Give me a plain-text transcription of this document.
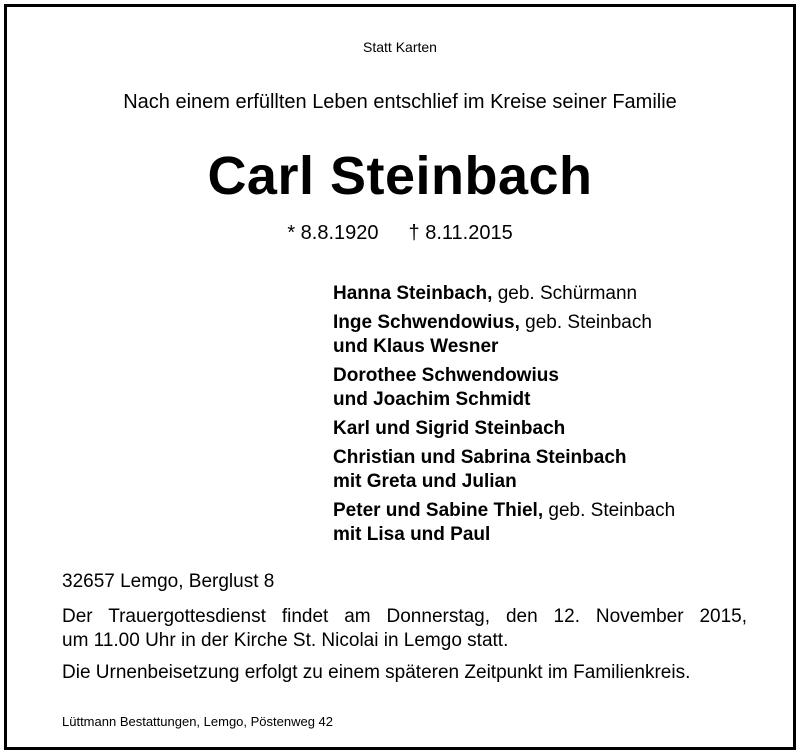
Statt Karten
Nach einem erfüllten Leben entschlief im Kreise seiner Familie
Carl Steinbach
* 8.8.1920 † 8.11.2015
Hanna Steinbach, geb. Schürmann
Inge Schwendowius, geb. Steinbach
und Klaus Wesner
Dorothee Schwendowius
und Joachim Schmidt
Karl und Sigrid Steinbach
Christian und Sabrina Steinbach
mit Greta und Julian
Peter und Sabine Thiel, geb. Steinbach
mit Lisa und Paul
32657 Lemgo, Berglust 8
Der Trauergottesdienst findet am Donnerstag, den 12. November 2015,
um 11.00 Uhr in der Kirche St. Nicolai in Lemgo statt.
Die Urnenbeisetzung erfolgt zu einem späteren Zeitpunkt im Familienkreis.
Lüttmann Bestattungen, Lemgo, Pöstenweg 42
